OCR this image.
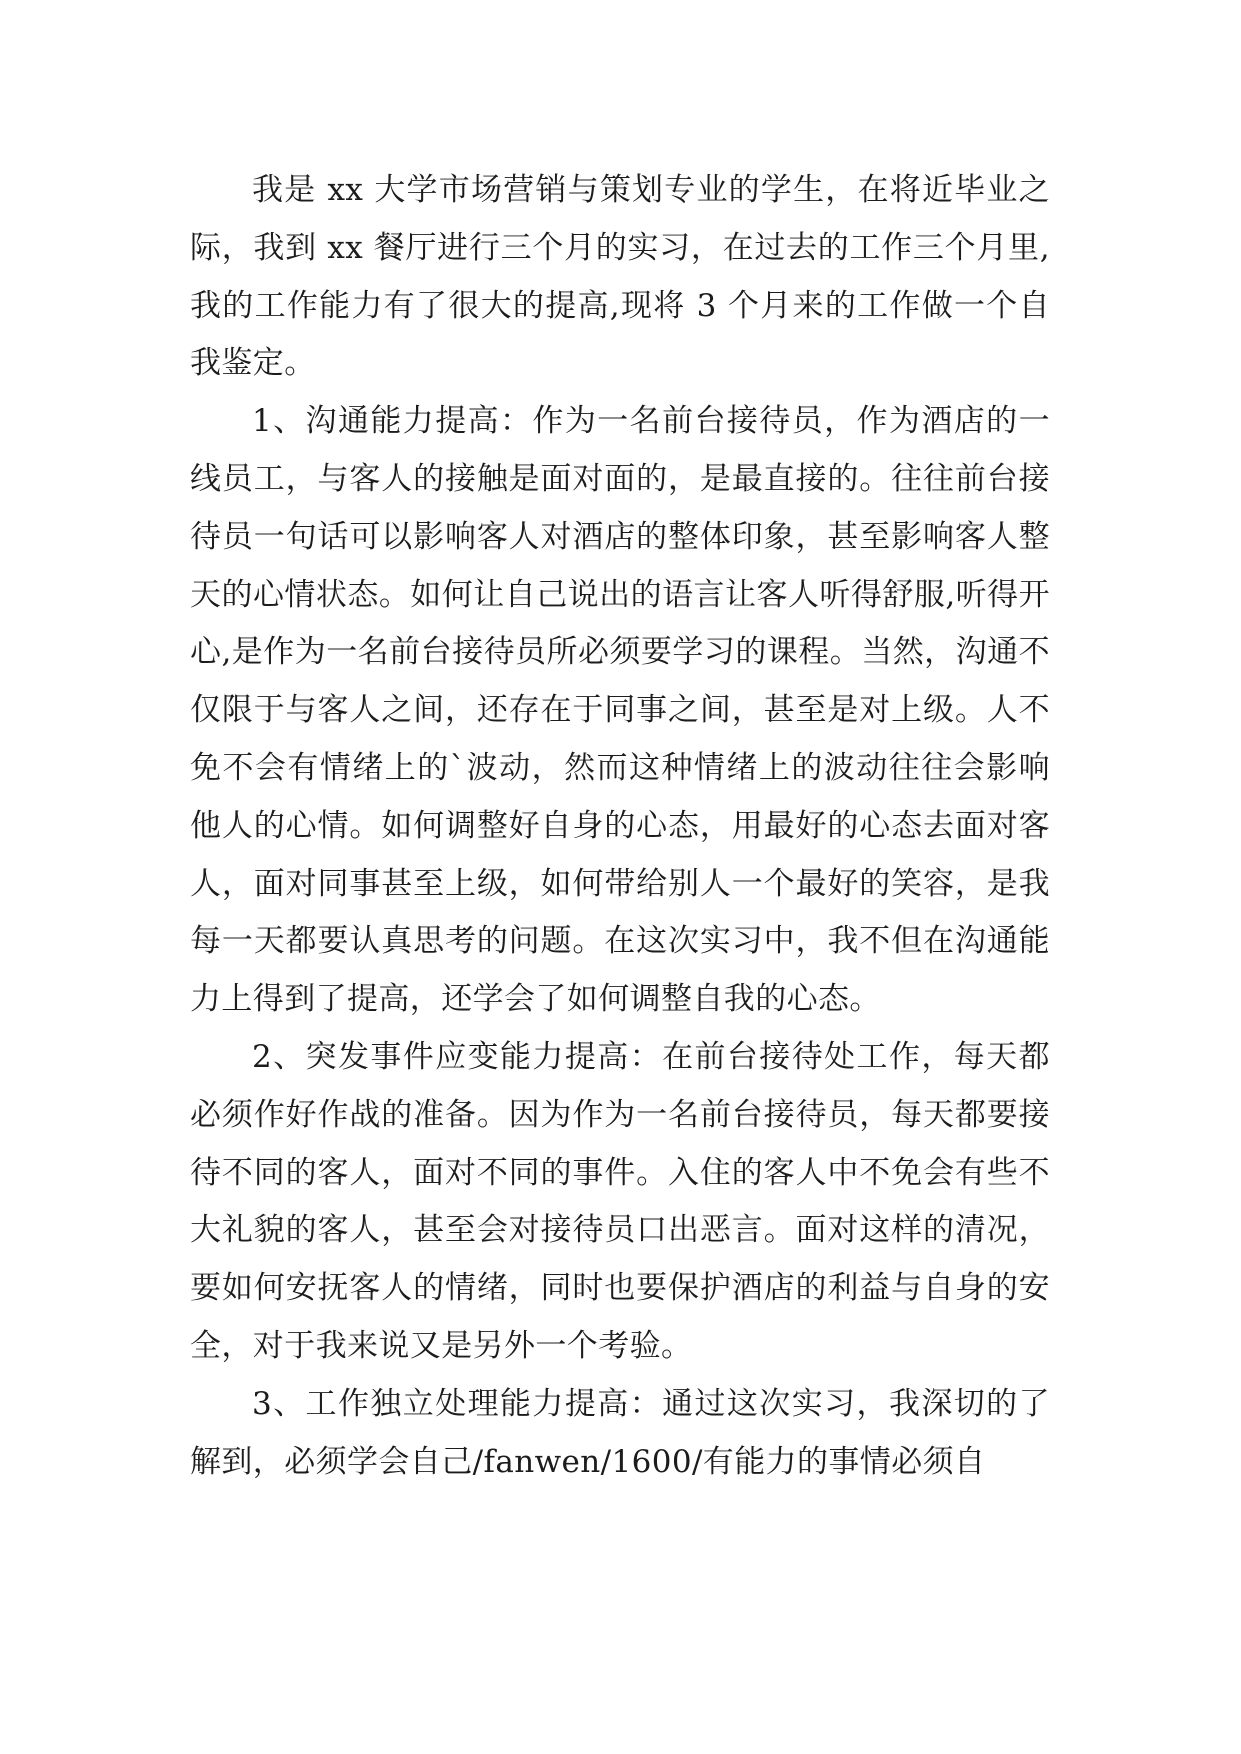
我是 xx 大学市场营销与策划专业的学生，在将近毕业之际，我到 xx 餐厅进行三个月的实习，在过去的工作三个月里,我的工作能力有了很大的提高,现将 3 个月来的工作做一个自我鉴定。

1、沟通能力提高：作为一名前台接待员，作为酒店的一线员工，与客人的接触是面对面的，是最直接的。往往前台接待员一句话可以影响客人对酒店的整体印象，甚至影响客人整天的心情状态。如何让自己说出的语言让客人听得舒服,听得开心,是作为一名前台接待员所必须要学习的课程。当然，沟通不仅限于与客人之间，还存在于同事之间，甚至是对上级。人不免不会有情绪上的`波动，然而这种情绪上的波动往往会影响他人的心情。如何调整好自身的心态，用最好的心态去面对客人，面对同事甚至上级，如何带给别人一个最好的笑容，是我每一天都要认真思考的问题。在这次实习中，我不但在沟通能力上得到了提高，还学会了如何调整自我的心态。

2、突发事件应变能力提高：在前台接待处工作，每天都必须作好作战的准备。因为作为一名前台接待员，每天都要接待不同的客人，面对不同的事件。入住的客人中不免会有些不大礼貌的客人，甚至会对接待员口出恶言。面对这样的清况，要如何安抚客人的情绪，同时也要保护酒店的利益与自身的安全，对于我来说又是另外一个考验。

3、工作独立处理能力提高：通过这次实习，我深切的了解到，必须学会自己/fanwen/1600/有能力的事情必须自
